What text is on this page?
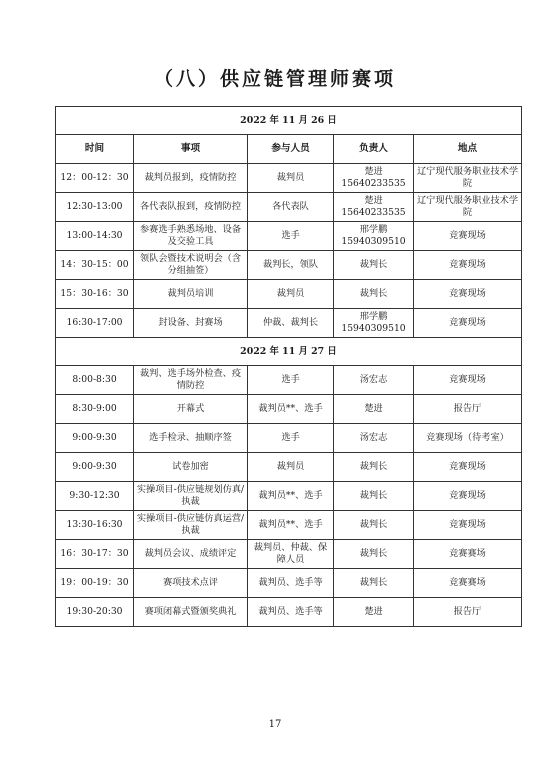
（八）供应链管理师赛项
2022 年 11 月 26 日				
时间	事项	参与人员	负责人	地点
12：00-12：30	裁判员报到，疫情防控	裁判员	楚进 15640233535	辽宁现代服务职业技术学院
12:30-13:00	各代表队报到，疫情防控	各代表队	楚进 15640233535	辽宁现代服务职业技术学院
13:00-14:30	参赛选手熟悉场地、设备及交验工具	选手	邢学鹏 15940309510	竞赛现场
14：30-15：00	领队会暨技术说明会（含分组抽签）	裁判长，领队	裁判长	竞赛现场
15：30-16：30	裁判员培训	裁判员	裁判长	竞赛现场
16:30-17:00	封设备、封赛场	仲裁、裁判长	邢学鹏 15940309510	竞赛现场
2022 年 11 月 27 日				
8:00-8:30	裁判、选手场外检查、疫情防控	选手	汤宏志	竞赛现场
8:30-9:00	开幕式	裁判员**、选手	楚进	报告厅
9:00-9:30	选手检录、抽顺序签	选手	汤宏志	竞赛现场（待考室）
9:00-9:30	试卷加密	裁判员	裁判长	竞赛现场
9:30-12:30	实操项目-供应链规划仿真/执裁	裁判员**、选手	裁判长	竞赛现场
13:30-16:30	实操项目-供应链仿真运营/执裁	裁判员**、选手	裁判长	竞赛现场
16：30-17：30	裁判员会议、成绩评定	裁判员、仲裁、保障人员	裁判长	竞赛赛场
19：00-19：30	赛项技术点评	裁判员、选手等	裁判长	竞赛赛场
19:30-20:30	赛项闭幕式暨颁奖典礼	裁判员、选手等	楚进	报告厅
17
